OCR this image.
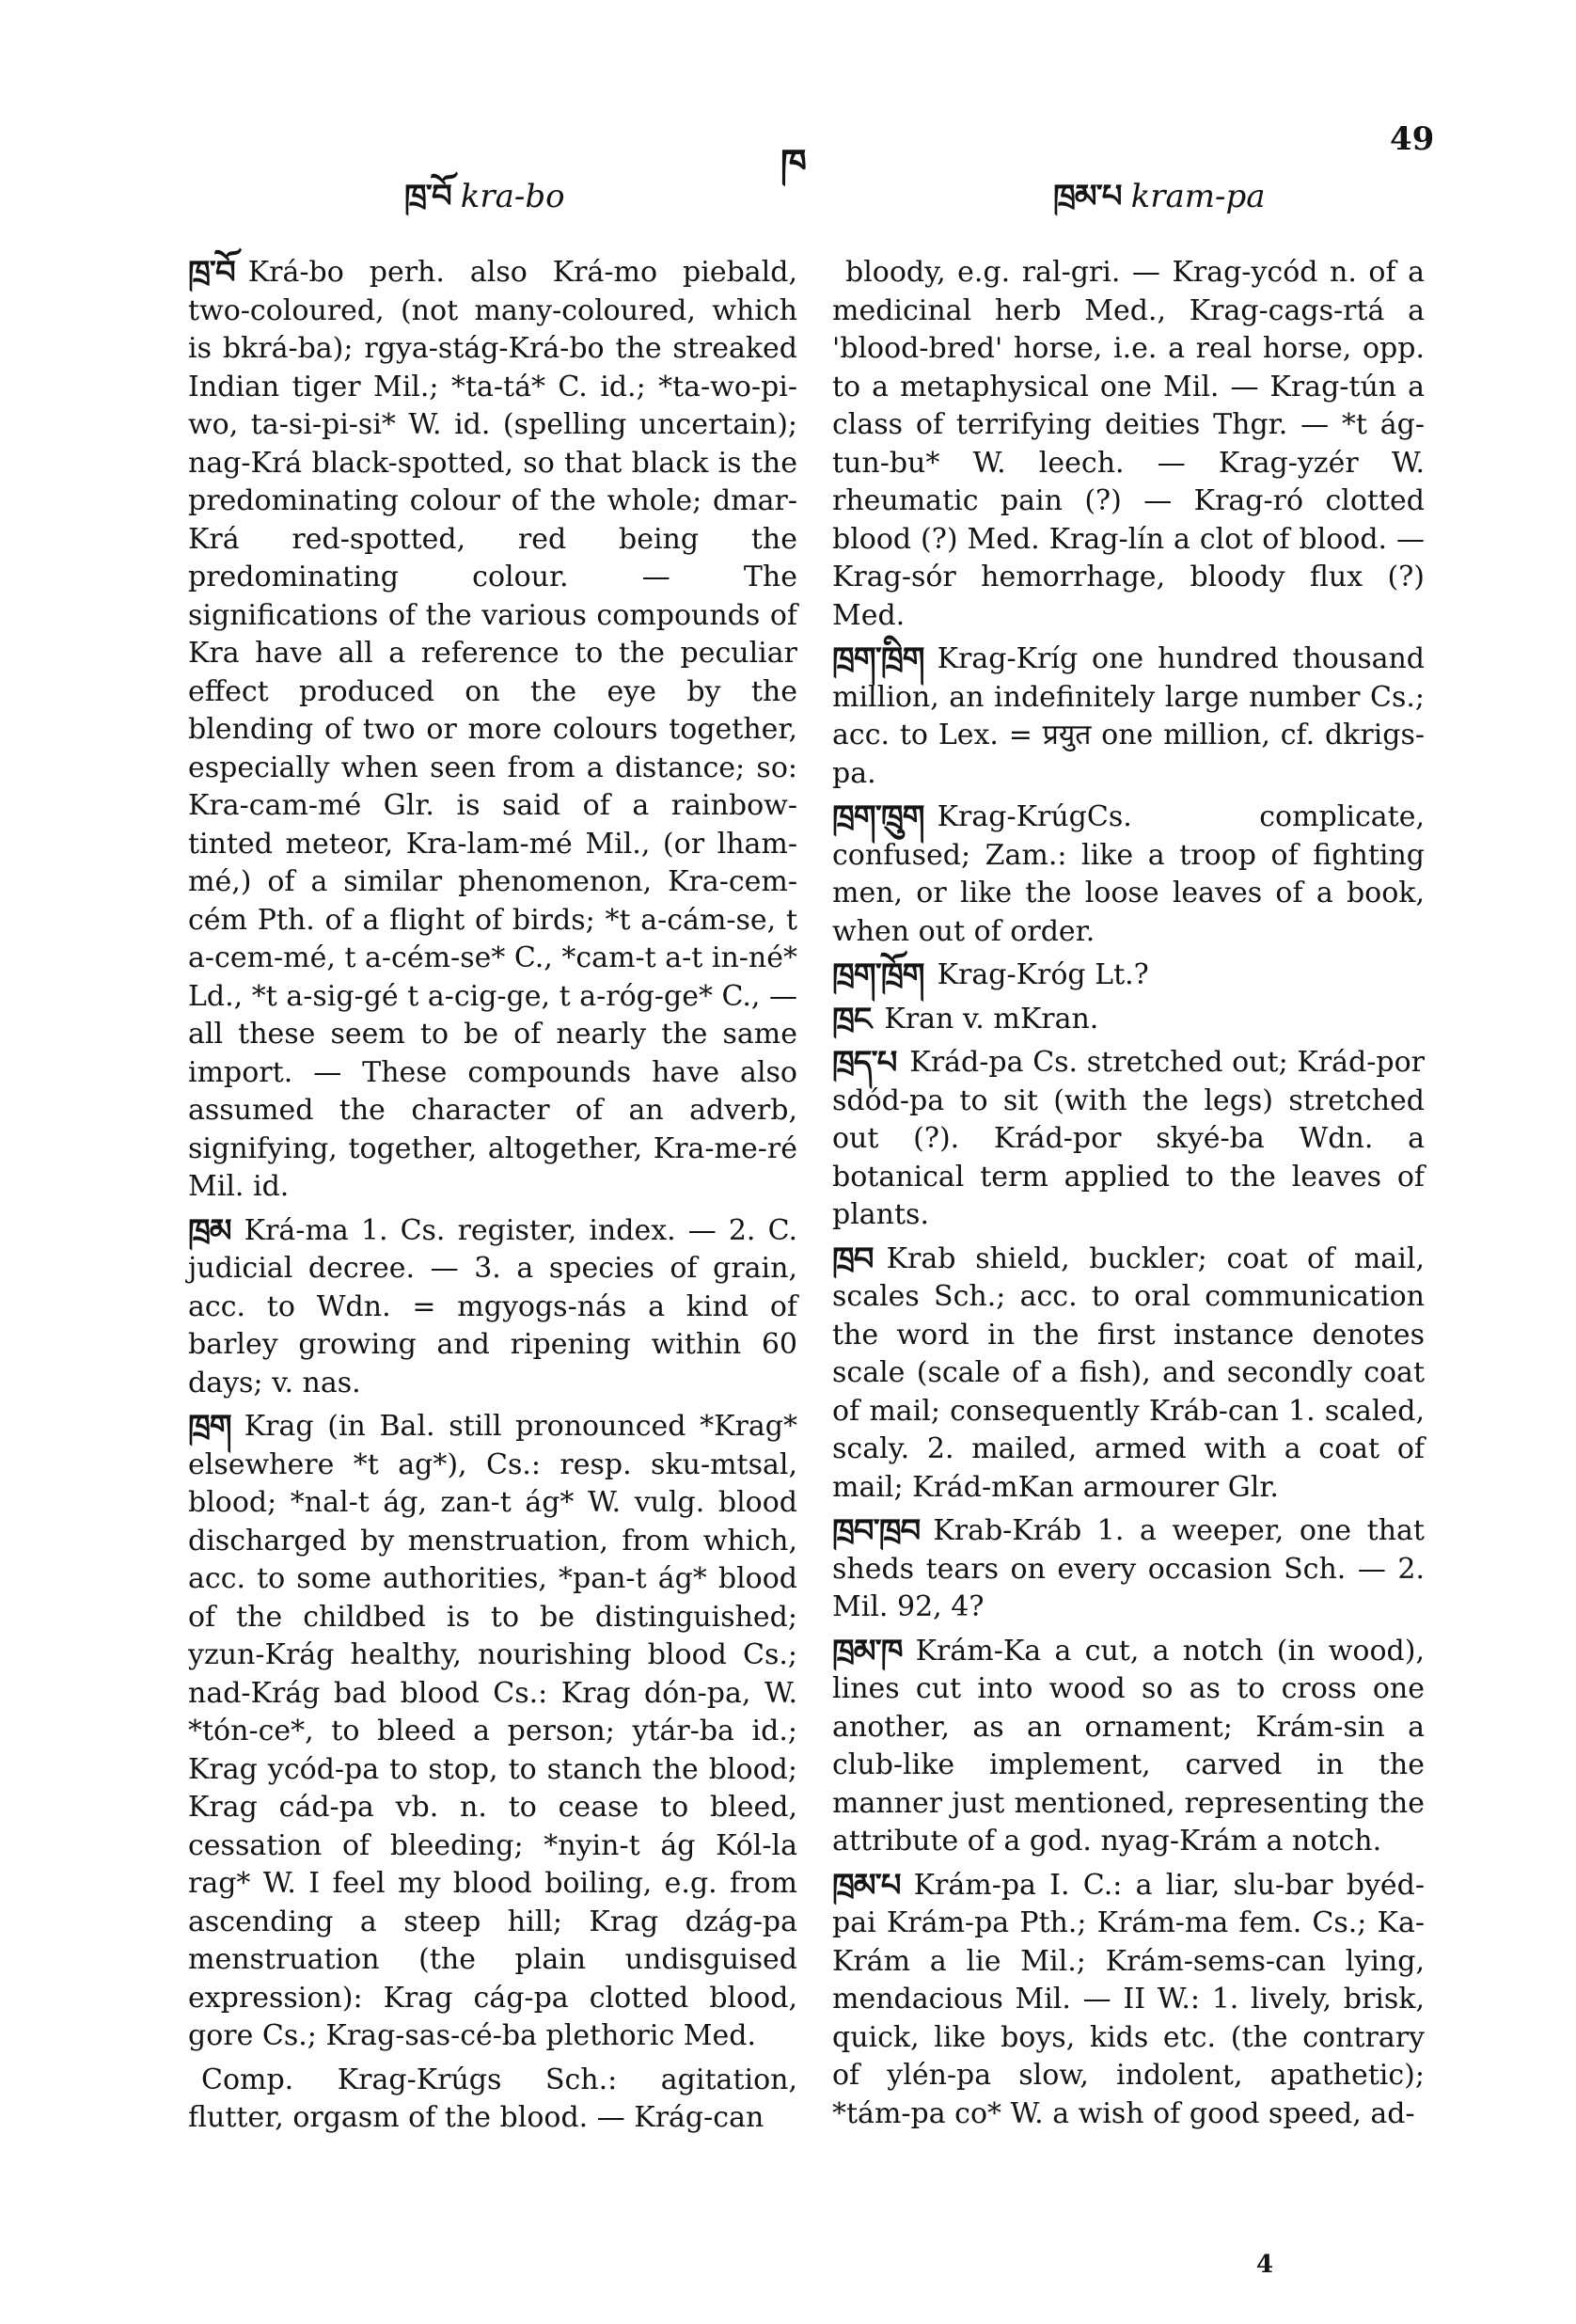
ཁྲ་བོ kra-bo
ཁ
ཁྲམ་པ kram-pa
49
ཁྲ་བོ Krá-bo perh. also Krá-mo piebald, two-coloured, (not many-coloured, which is bkrá-ba); rgya-stág-Krá-bo the streaked Indian tiger Mil.; *ta-tá* C. id.; *ta-wo-pi-wo, ta-si-pi-si* W. id. (spelling uncertain); nag-Krá black-spotted, so that black is the predominating colour of the whole; dmar-Krá red-spotted, red being the predominating colour. — The significations of the various compounds of Kra have all a reference to the peculiar effect produced on the eye by the blending of two or more colours together, especially when seen from a distance; so: Kra-cam-mé Glr. is said of a rainbow-tinted meteor, Kra-lam-mé Mil., (or lham-mé,) of a similar phenomenon, Kra-cem-cém Pth. of a flight of birds; *t a-cám-se, t a-cem-mé, t a-cém-se* C., *cam-t a-t in-né* Ld., *t a-sig-gé t a-cig-ge, t a-róg-ge* C., — all these seem to be of nearly the same import. — These compounds have also assumed the character of an adverb, signifying, together, altogether, Kra-me-ré Mil. id.

ཁྲམ Krá-ma 1. Cs. register, index. — 2. C. judicial decree. — 3. a species of grain, acc. to Wdn. = mgyogs-nás a kind of barley growing and ripening within 60 days; v. nas.

ཁྲག Krag (in Bal. still pronounced *Krag* elsewhere *t ag*), Cs.: resp. sku-mtsal, blood; *nal-t ág, zan-t ág* W. vulg. blood discharged by menstruation, from which, acc. to some authorities, *pan-t ág* blood of the childbed is to be distinguished; yzun-Krág healthy, nourishing blood Cs.; nad-Krág bad blood Cs.: Krag dón-pa, W. *tón-ce*, to bleed a person; ytár-ba id.; Krag ycód-pa to stop, to stanch the blood; Krag cád-pa vb. n. to cease to bleed, cessation of bleeding; *nyin-t ág Kól-la rag* W. I feel my blood boiling, e.g. from ascending a steep hill; Krag dzág-pa menstruation (the plain undisguised expression): Krag cág-pa clotted blood, gore Cs.; Krag-sas-cé-ba plethoric Med.

Comp. Krag-Krúgs Sch.: agitation, flutter, orgasm of the blood. — Krág-can

bloody, e.g. ral-gri. — Krag-ycód n. of a medicinal herb Med., Krag-cags-rtá a 'blood-bred' horse, i.e. a real horse, opp. to a metaphysical one Mil. — Krag-tún a class of terrifying deities Thgr. — *t ág-tun-bu* W. leech. — Krag-yzér W. rheumatic pain (?) — Krag-ró clotted blood (?) Med. Krag-lín a clot of blood. — Krag-sór hemorrhage, bloody flux (?) Med.

ཁྲག་ཁྲིག Krag-Kríg one hundred thousand million, an indefinitely large number Cs.; acc. to Lex. = प्रयुत one million, cf. dkrigs-pa.

ཁྲག་ཁྲུག Krag-KrúgCs. complicate, confused; Zam.: like a troop of fighting men, or like the loose leaves of a book, when out of order.

ཁྲག་ཁྲོག Krag-Króg Lt.?

ཁྲང Kran v. mKran.

ཁྲད་པ Krád-pa Cs. stretched out; Krád-por sdód-pa to sit (with the legs) stretched out (?). Krád-por skyé-ba Wdn. a botanical term applied to the leaves of plants.

ཁྲབ Krab shield, buckler; coat of mail, scales Sch.; acc. to oral communication the word in the first instance denotes scale (scale of a fish), and secondly coat of mail; consequently Kráb-can 1. scaled, scaly. 2. mailed, armed with a coat of mail; Krád-mKan armourer Glr.

ཁྲབ་ཁྲབ Krab-Kráb 1. a weeper, one that sheds tears on every occasion Sch. — 2. Mil. 92, 4?

ཁྲམ་ཁ Krám-Ka a cut, a notch (in wood), lines cut into wood so as to cross one another, as an ornament; Krám-sin a club-like implement, carved in the manner just mentioned, representing the attribute of a god. nyag-Krám a notch.

ཁྲམ་པ Krám-pa I. C.: a liar, slu-bar byéd-pai Krám-pa Pth.; Krám-ma fem. Cs.; Ka-Krám a lie Mil.; Krám-sems-can lying, mendacious Mil. — II W.: 1. lively, brisk, quick, like boys, kids etc. (the contrary of ylén-pa slow, indolent, apathetic); *tám-pa co* W. a wish of good speed, ad-

4
